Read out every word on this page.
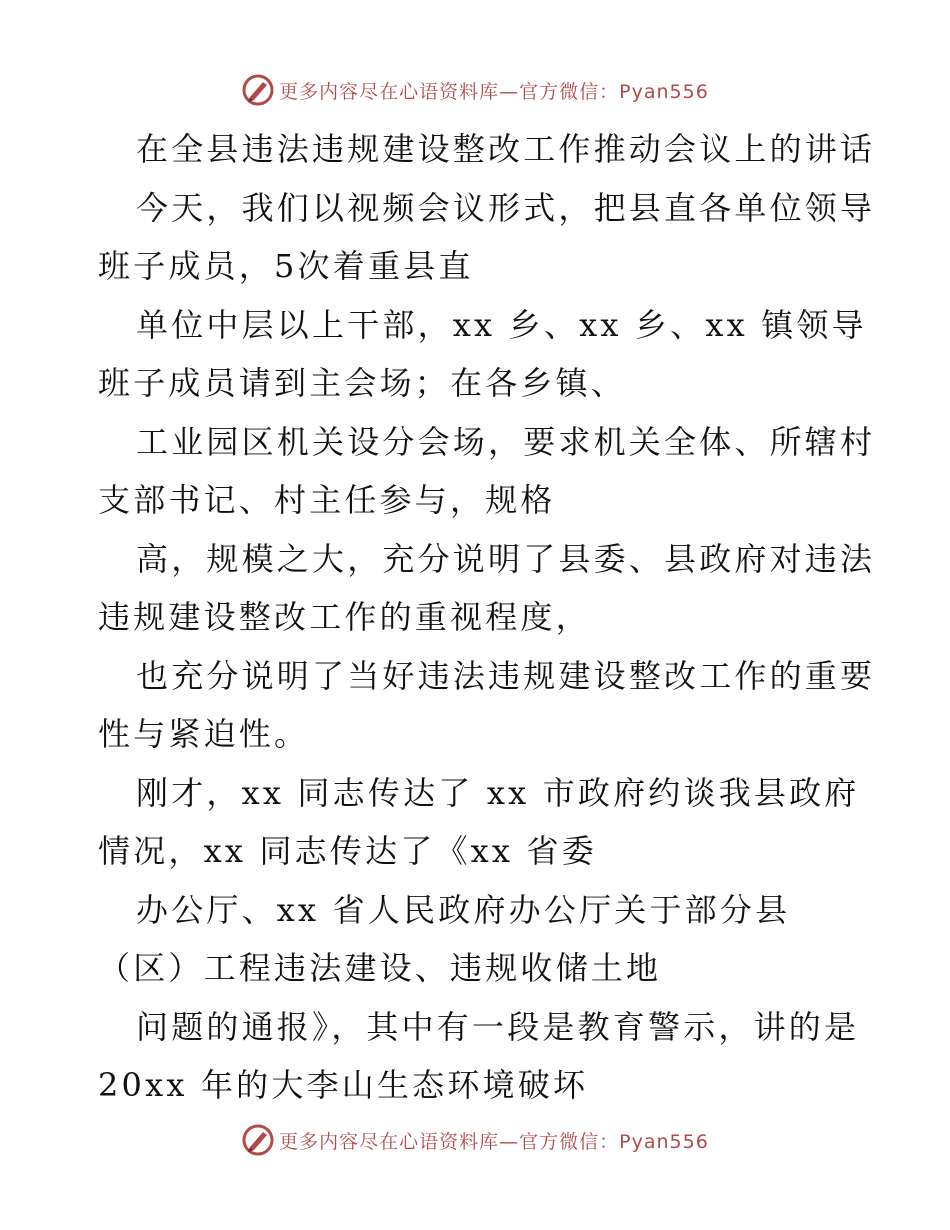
更多内容尽在心语资料库—官方微信：Pyan556
在全县违法违规建设整改工作推动会议上的讲话
今天，我们以视频会议形式，把县直各单位领导
班子成员，5次着重县直
单位中层以上干部，xx 乡、xx 乡、xx 镇领导
班子成员请到主会场；在各乡镇、
工业园区机关设分会场，要求机关全体、所辖村
支部书记、村主任参与，规格
高，规模之大，充分说明了县委、县政府对违法
违规建设整改工作的重视程度，
也充分说明了当好违法违规建设整改工作的重要
性与紧迫性。
刚才，xx 同志传达了 xx 市政府约谈我县政府
情况，xx 同志传达了《xx 省委
办公厅、xx 省人民政府办公厅关于部分县
（区）工程违法建设、违规收储土地
问题的通报》，其中有一段是教育警示，讲的是
20xx 年的大李山生态环境破坏
更多内容尽在心语资料库—官方微信：Pyan556
